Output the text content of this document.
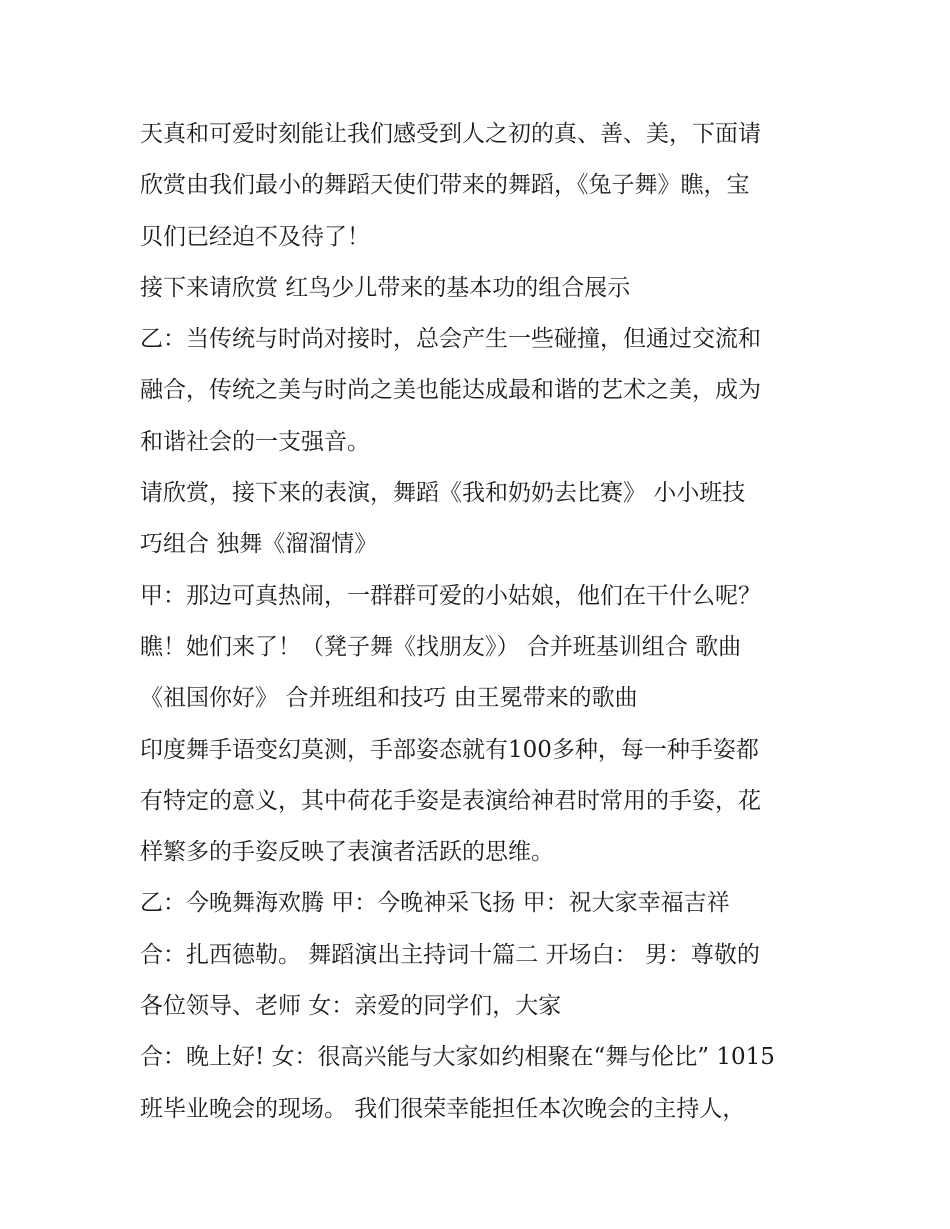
天真和可爱时刻能让我们感受到人之初的真、善、美，下面请
欣赏由我们最小的舞蹈天使们带来的舞蹈，《兔子舞》瞧，宝
贝们已经迫不及待了！
接下来请欣赏 红鸟少儿带来的基本功的组合展示
乙：当传统与时尚对接时，总会产生一些碰撞，但通过交流和
融合，传统之美与时尚之美也能达成最和谐的艺术之美，成为
和谐社会的一支强音。
请欣赏，接下来的表演，舞蹈《我和奶奶去比赛》 小小班技
巧组合 独舞《溜溜情》
甲：那边可真热闹，一群群可爱的小姑娘，他们在干什么呢？
瞧！她们来了！（凳子舞《找朋友》） 合并班基训组合 歌曲
《祖国你好》 合并班组和技巧 由王冕带来的歌曲
印度舞手语变幻莫测，手部姿态就有100多种，每一种手姿都
有特定的意义，其中荷花手姿是表演给神君时常用的手姿，花
样繁多的手姿反映了表演者活跃的思维。
乙：今晚舞海欢腾 甲：今晚神采飞扬 甲：祝大家幸福吉祥
合：扎西德勒。 舞蹈演出主持词十篇二 开场白： 男：尊敬的
各位领导、老师 女：亲爱的同学们，大家
合：晚上好! 女：很高兴能与大家如约相聚在“舞与伦比” 1015
班毕业晚会的现场。 我们很荣幸能担任本次晚会的主持人，
